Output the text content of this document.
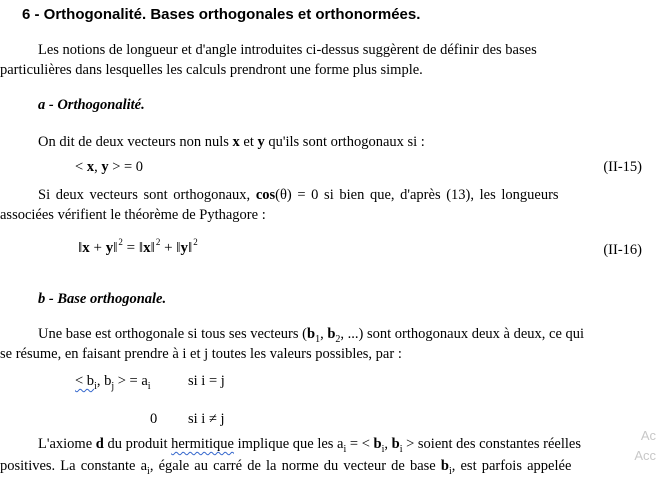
6 - Orthogonalité. Bases orthogonales et orthonormées.
Les notions de longueur et d'angle introduites ci-dessus suggèrent de définir des bases
particulières dans lesquelles les calculs prendront une forme plus simple.
a - Orthogonalité.
On dit de deux vecteurs non nuls x et y qu'ils sont orthogonaux si :
< x, y > = 0	(II-15)
Si deux vecteurs sont orthogonaux, cos(θ) = 0 si bien que, d'après (13), les longueurs
associées vérifient le théorème de Pythagore :
‖x + y‖$^2$ = ‖x‖$^2$ + ‖y‖$^2$	(II-16)
b - Base orthogonale.
Une base est orthogonale si tous ses vecteurs ($b_1$, $b_2$, ...) sont orthogonaux deux à deux, ce qui
se résume, en faisant prendre à i et j toutes les valeurs possibles, par :
< $b_i$, $b_j$ > = $a_i$	si i = j
0 si i ≠ j
L'axiome d du produit hermitique implique que les $a_i$ = < $b_i$, $b_i$ > soient des constantes réelles
positives. La constante $a_i$, égale au carré de la norme du vecteur de base $b_i$, est parfois appelée
Ac
Acc
